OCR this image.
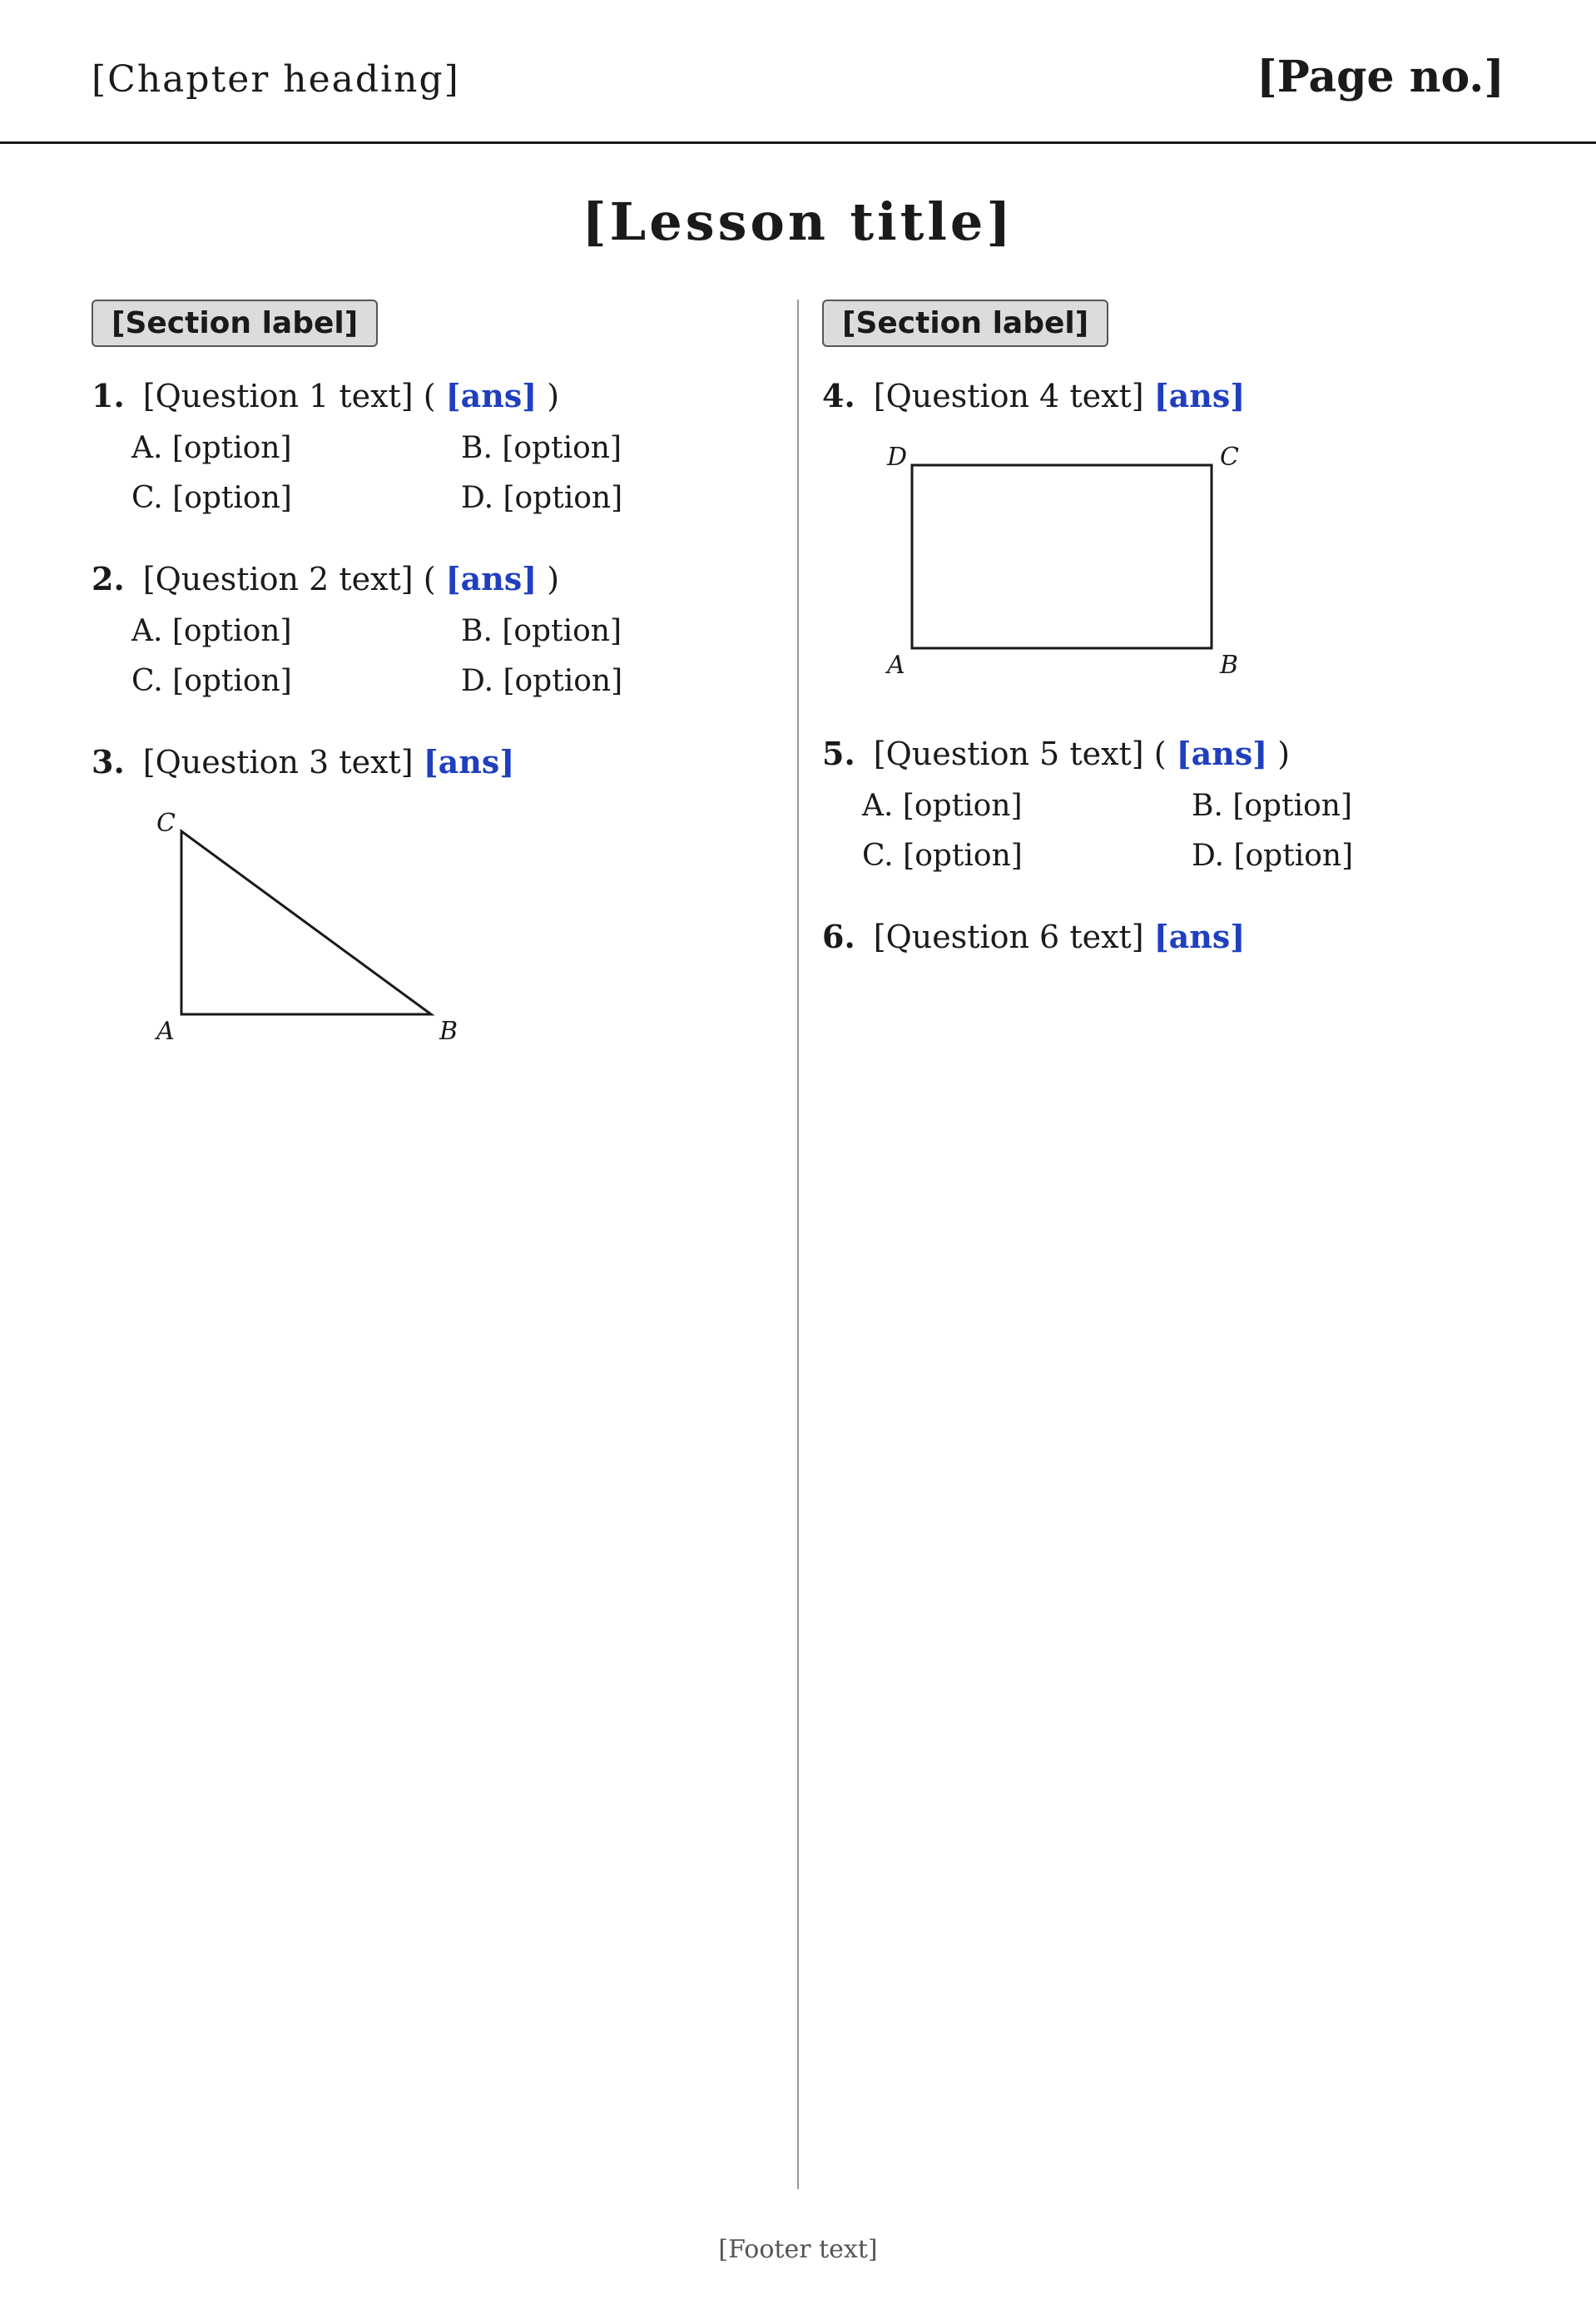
[Chapter heading]	[Page no.]
[Lesson title]
[Section label]
1. [Question 1 text] ( [ans] )
A. [option]	B. [option]
C. [option]	D. [option]
2. [Question 2 text] ( [ans] )
A. [option]	B. [option]
C. [option]	D. [option]
3. [Question 3 text] [ans]
A	B
C
[Section label]
4. [Question 4 text] [ans]
A	B
C
D
5. [Question 5 text] ( [ans] )
A. [option]	B. [option]
C. [option]	D. [option]
6. [Question 6 text] [ans]
[Footer text]
